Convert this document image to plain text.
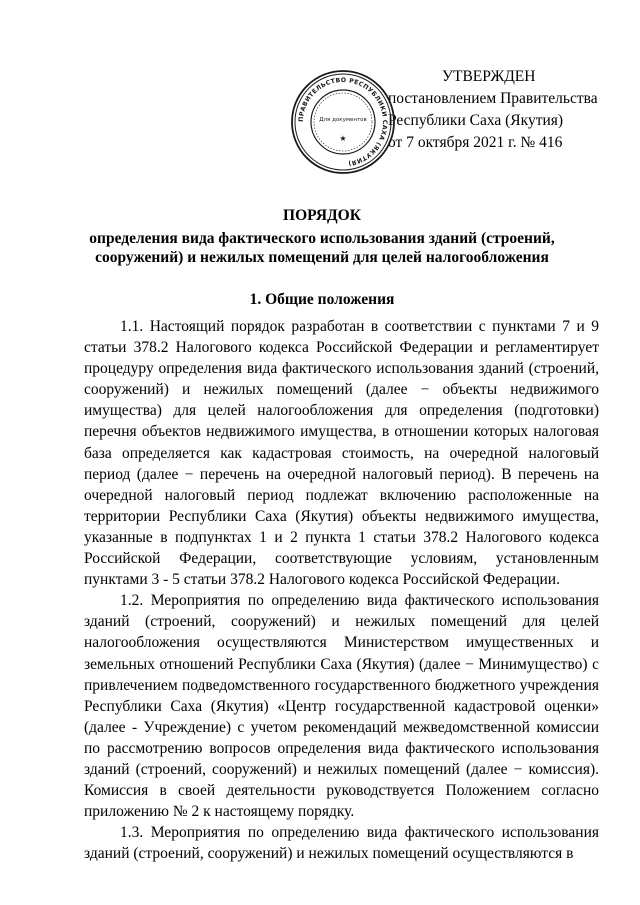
УТВЕРЖДЕН
постановлением Правительства
Республики Саха (Якутия)
от 7 октября 2021 г. № 416
ПРАВИТЕЛЬСТВО РЕСПУБЛИКИ САХА (ЯКУТИЯ)
Для документов
★
ПОРЯДОК
определения вида фактического использования зданий (строений,
сооружений) и нежилых помещений для целей налогообложения
1. Общие положения

1.1. Настоящий порядок разработан в соответствии с пунктами 7 и 9 статьи 378.2 Налогового кодекса Российской Федерации и регламентирует процедуру определения вида фактического использования зданий (строений, сооружений) и нежилых помещений (далее − объекты недвижимого имущества) для целей налогообложения для определения (подготовки) перечня объектов недвижимого имущества, в отношении которых налоговая база определяется как кадастровая стоимость, на очередной налоговый период (далее − перечень на очередной налоговый период). В перечень на очередной налоговый период подлежат включению расположенные на территории Республики Саха (Якутия) объекты недвижимого имущества, указанные в подпунктах 1 и 2 пункта 1 статьи 378.2 Налогового кодекса Российской Федерации, соответствующие условиям, установленным пунктами 3 - 5 статьи 378.2 Налогового кодекса Российской Федерации.

1.2. Мероприятия по определению вида фактического использования зданий (строений, сооружений) и нежилых помещений для целей налогообложения осуществляются Министерством имущественных и земельных отношений Республики Саха (Якутия) (далее − Минимущество) с привлечением подведомственного государственного бюджетного учреждения Республики Саха (Якутия) «Центр государственной кадастровой оценки» (далее - Учреждение) с учетом рекомендаций межведомственной комиссии по рассмотрению вопросов определения вида фактического использования зданий (строений, сооружений) и нежилых помещений (далее − комиссия). Комиссия в своей деятельности руководствуется Положением согласно приложению № 2 к настоящему порядку.

1.3. Мероприятия по определению вида фактического использования зданий (строений, сооружений) и нежилых помещений осуществляются в
